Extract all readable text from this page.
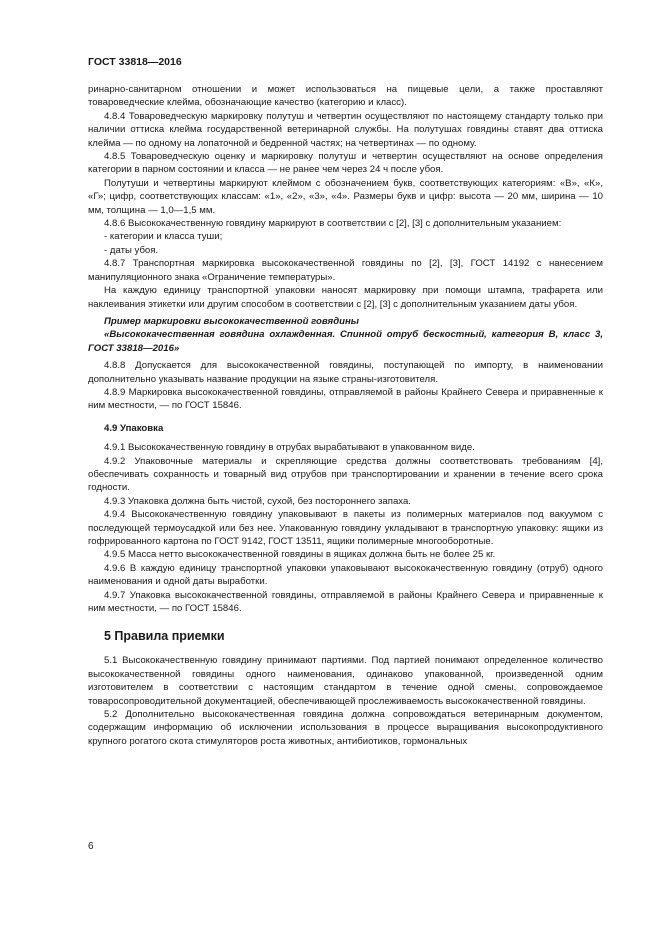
ГОСТ 33818—2016

ринарно-санитарном отношении и может использоваться на пищевые цели, а также проставляют товароведческие клейма, обозначающие качество (категорию и класс).

4.8.4 Товароведческую маркировку полутуш и четвертин осуществляют по настоящему стандарту только при наличии оттиска клейма государственной ветеринарной службы. На полутушах говядины ставят два оттиска клейма — по одному на лопаточной и бедренной частях; на четвертинах — по одному.

4.8.5 Товароведческую оценку и маркировку полутуш и четвертин осуществляют на основе определения категории в парном состоянии и класса — не ранее чем через 24 ч после убоя.

Полутуши и четвертины маркируют клеймом с обозначением букв, соответствующих категориям: «В», «К», «Г»; цифр, соответствующих классам: «1», «2», «3», «4». Размеры букв и цифр: высота — 20 мм, ширина — 10 мм, толщина — 1,0—1,5 мм.

4.8.6 Высококачественную говядину маркируют в соответствии с [2], [3] с дополнительным указанием:

- категории и класса туши;

- даты убоя.

4.8.7 Транспортная маркировка высококачественной говядины по [2], [3], ГОСТ 14192 с нанесением манипуляционного знака «Ограничение температуры».

На каждую единицу транспортной упаковки наносят маркировку при помощи штампа, трафарета или наклеивания этикетки или другим способом в соответствии с [2], [3] с дополнительным указанием даты убоя.

Пример маркировки высококачественной говядины

«Высококачественная говядина охлажденная. Спинной отруб бескостный, категория В, класс 3, ГОСТ 33818—2016»

4.8.8 Допускается для высококачественной говядины, поступающей по импорту, в наименовании дополнительно указывать название продукции на языке страны-изготовителя.

4.8.9 Маркировка высококачественной говядины, отправляемой в районы Крайнего Севера и приравненные к ним местности, — по ГОСТ 15846.

4.9 Упаковка

4.9.1 Высококачественную говядину в отрубах вырабатывают в упакованном виде.

4.9.2 Упаковочные материалы и скрепляющие средства должны соответствовать требованиям [4], обеспечивать сохранность и товарный вид отрубов при транспортировании и хранении в течение всего срока годности.

4.9.3 Упаковка должна быть чистой, сухой, без постороннего запаха.

4.9.4 Высококачественную говядину упаковывают в пакеты из полимерных материалов под вакуумом с последующей термоусадкой или без нее. Упакованную говядину укладывают в транспортную упаковку: ящики из гофрированного картона по ГОСТ 9142, ГОСТ 13511, ящики полимерные многооборотные.

4.9.5 Масса нетто высококачественной говядины в ящиках должна быть не более 25 кг.

4.9.6 В каждую единицу транспортной упаковки упаковывают высококачественную говядину (отруб) одного наименования и одной даты выработки.

4.9.7 Упаковка высококачественной говядины, отправляемой в районы Крайнего Севера и приравненные к ним местности, — по ГОСТ 15846.

5 Правила приемки

5.1 Высококачественную говядину принимают партиями. Под партией понимают определенное количество высококачественной говядины одного наименования, одинаково упакованной, произведенной одним изготовителем в соответствии с настоящим стандартом в течение одной смены, сопровождаемое товаросопроводительной документацией, обеспечивающей прослеживаемость высококачественной говядины.

5.2 Дополнительно высококачественная говядина должна сопровождаться ветеринарным документом, содержащим информацию об исключении использования в процессе выращивания высокопродуктивного крупного рогатого скота стимуляторов роста животных, антибиотиков, гормональных

6
